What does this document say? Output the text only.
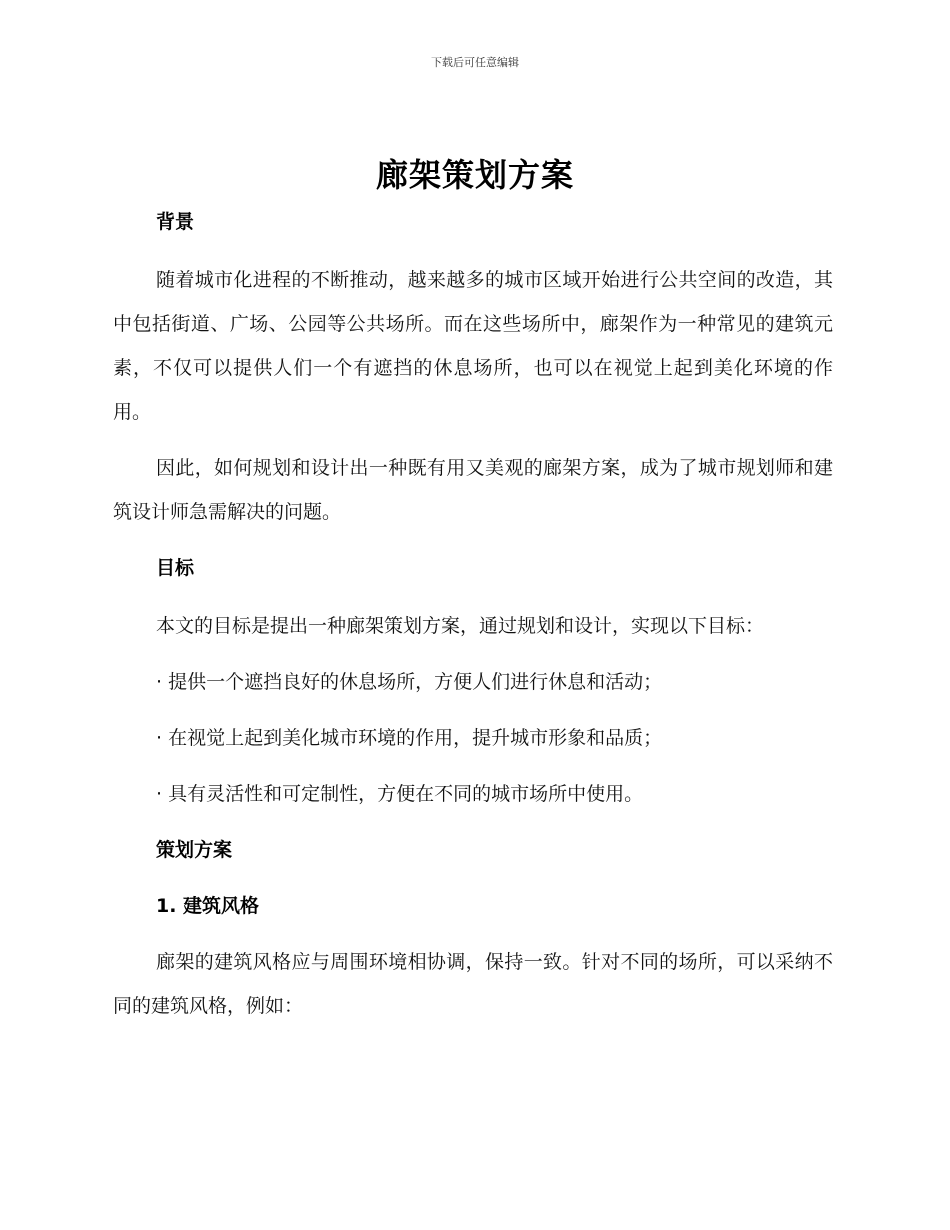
下载后可任意编辑
廊架策划方案

背景

随着城市化进程的不断推动，越来越多的城市区域开始进行公共空间的改造，其中包括街道、广场、公园等公共场所。而在这些场所中，廊架作为一种常见的建筑元素，不仅可以提供人们一个有遮挡的休息场所，也可以在视觉上起到美化环境的作用。

因此，如何规划和设计出一种既有用又美观的廊架方案，成为了城市规划师和建筑设计师急需解决的问题。

目标

本文的目标是提出一种廊架策划方案，通过规划和设计，实现以下目标：

· 提供一个遮挡良好的休息场所，方便人们进行休息和活动；

· 在视觉上起到美化城市环境的作用，提升城市形象和品质；

· 具有灵活性和可定制性，方便在不同的城市场所中使用。

策划方案

1. 建筑风格

廊架的建筑风格应与周围环境相协调，保持一致。针对不同的场所，可以采纳不同的建筑风格，例如：
